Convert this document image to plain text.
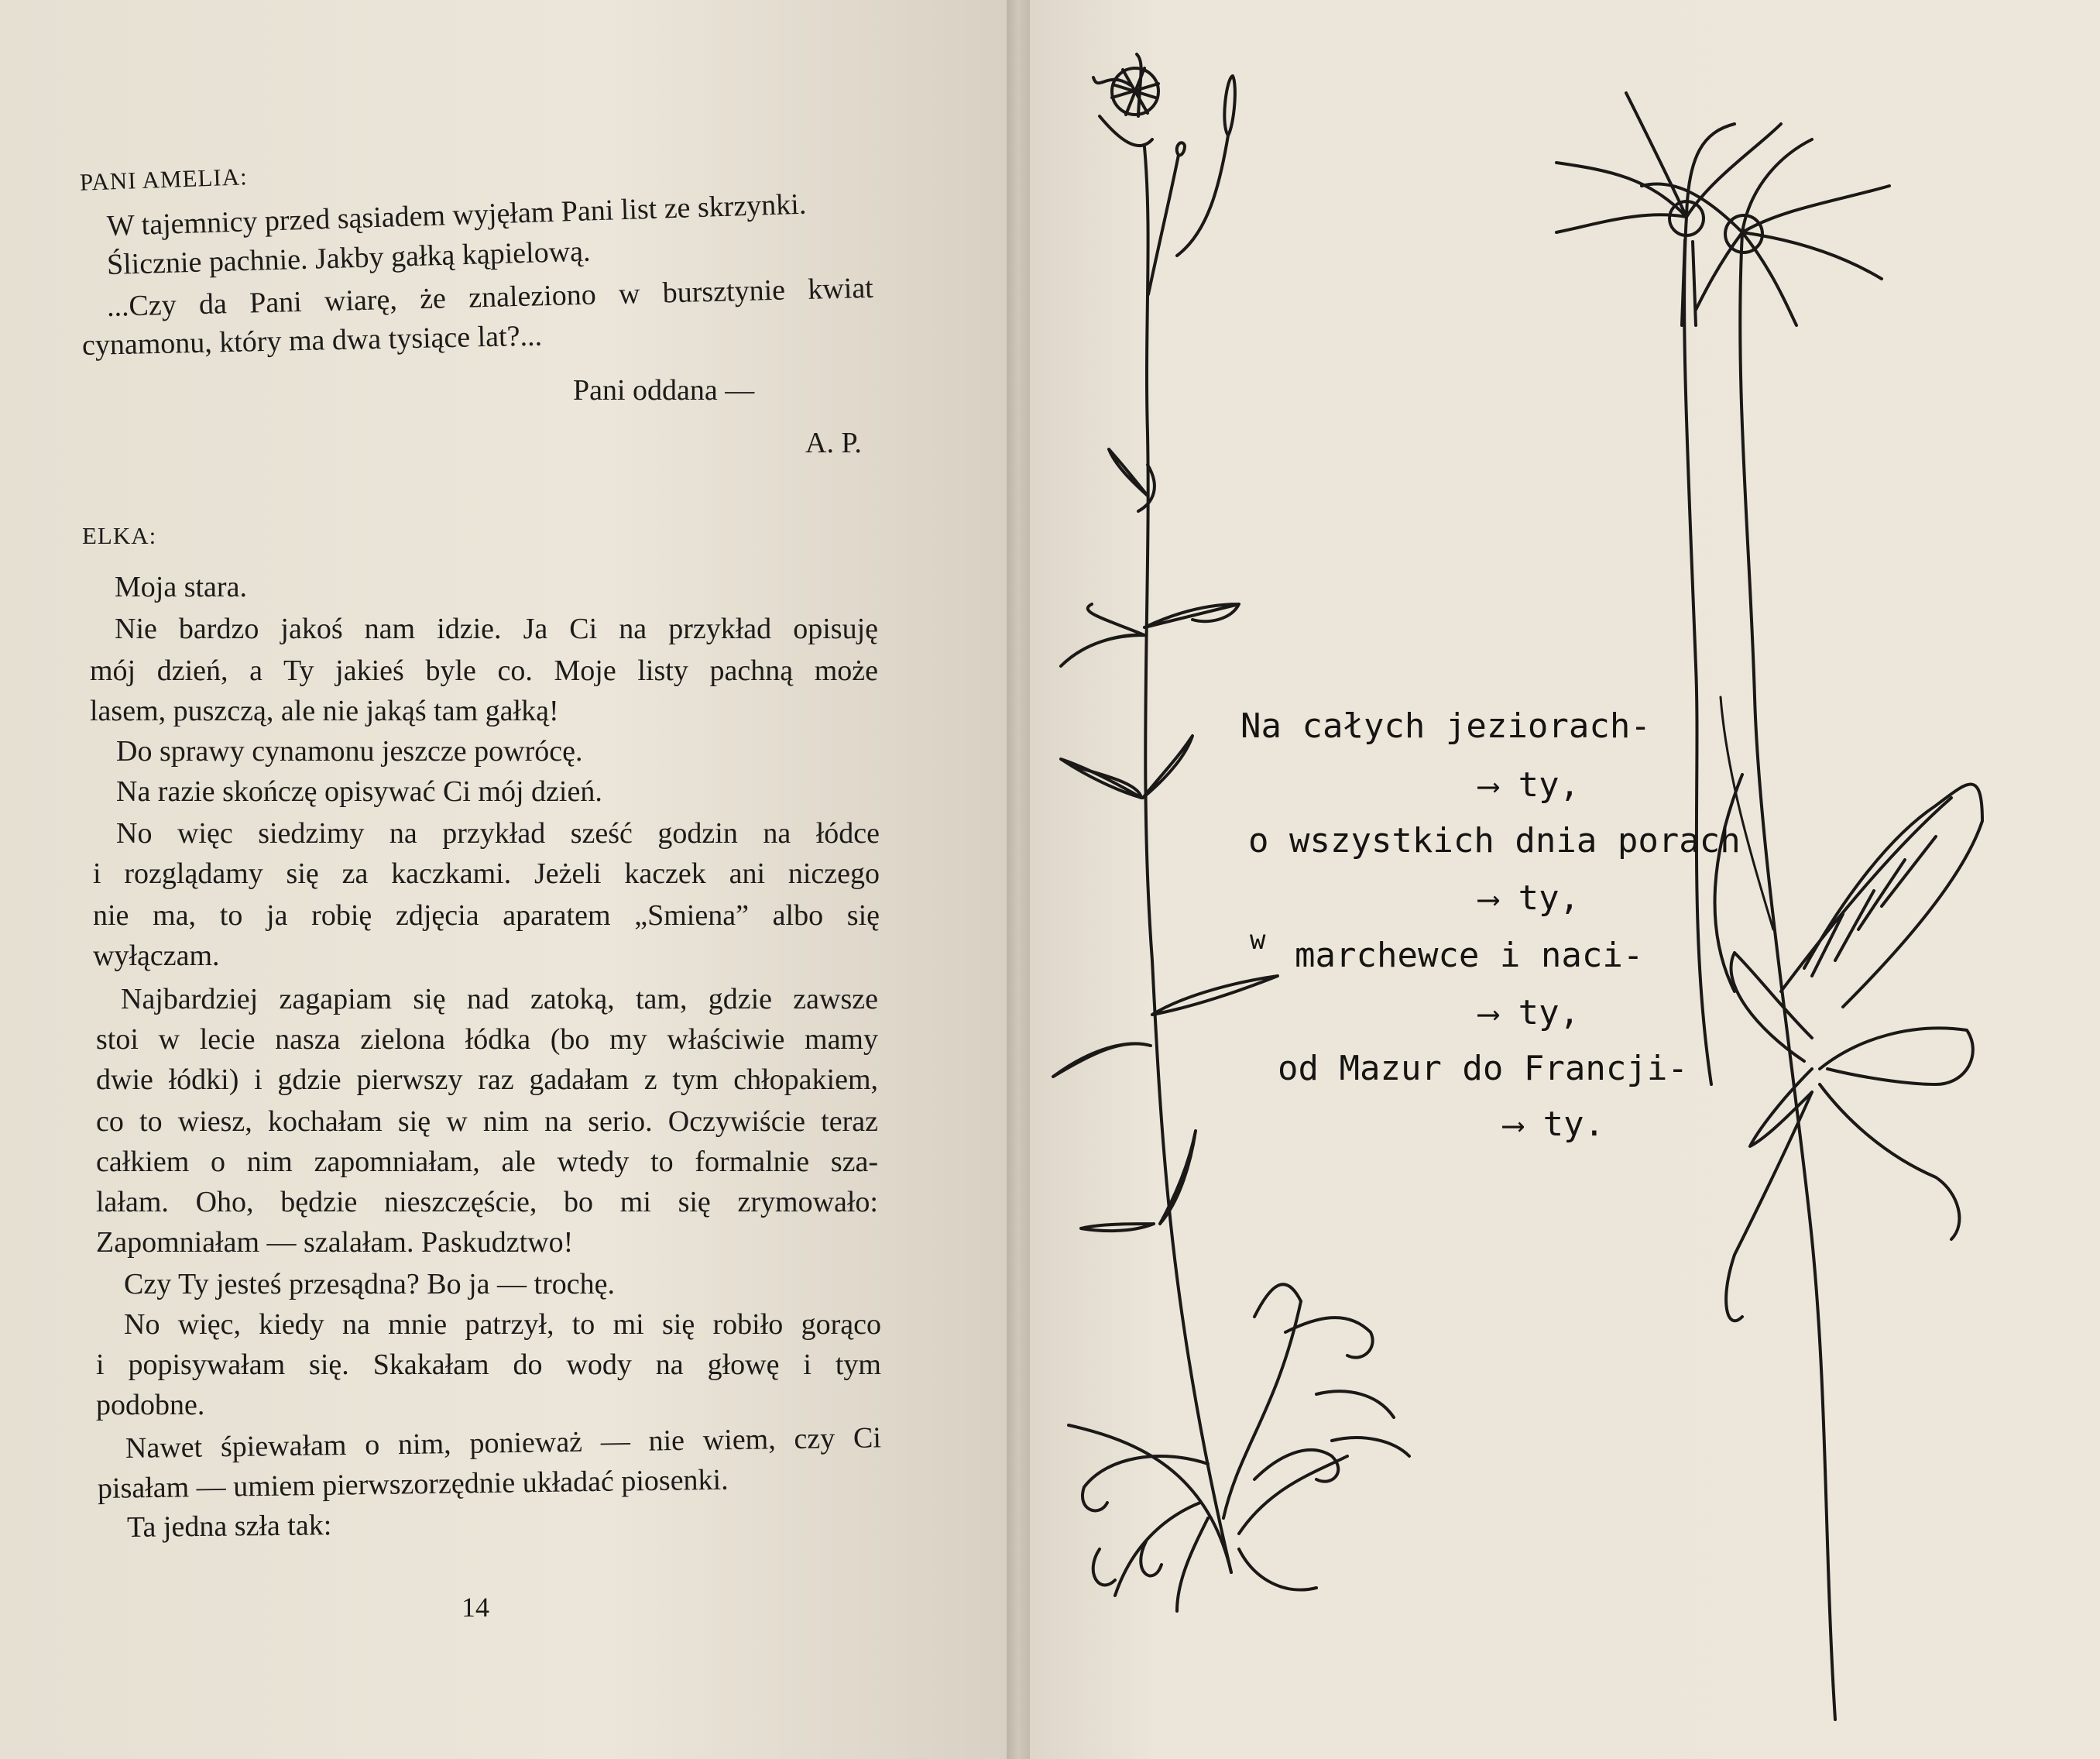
PANI AMELIA:
W tajemnicy przed sąsiadem wyjęłam Pani list ze skrzynki.
Ślicznie pachnie. Jakby gałką kąpielową.
...Czy da Pani wiarę, że znaleziono w bursztynie kwiat
cynamonu, który ma dwa tysiące lat?...
Pani oddana —
A. P.
ELKA:
Moja stara.
Nie bardzo jakoś nam idzie. Ja Ci na przykład opisuję
mój dzień, a Ty jakieś byle co. Moje listy pachną może
lasem, puszczą, ale nie jakąś tam gałką!
Do sprawy cynamonu jeszcze powrócę.
Na razie skończę opisywać Ci mój dzień.
No więc siedzimy na przykład sześć godzin na łódce
i rozglądamy się za kaczkami. Jeżeli kaczek ani niczego
nie ma, to ja robię zdjęcia aparatem „Smiena” albo się
wyłączam.
Najbardziej zagapiam się nad zatoką, tam, gdzie zawsze
stoi w lecie nasza zielona łódka (bo my właściwie mamy
dwie łódki) i gdzie pierwszy raz gadałam z tym chłopakiem,
co to wiesz, kochałam się w nim na serio. Oczywiście teraz
całkiem o nim zapomniałam, ale wtedy to formalnie sza-
lałam. Oho, będzie nieszczęście, bo mi się zrymowało:
Zapomniałam — szalałam. Paskudztwo!
Czy Ty jesteś przesądna? Bo ja — trochę.
No więc, kiedy na mnie patrzył, to mi się robiło gorąco
i popisywałam się. Skakałam do wody na głowę i tym
podobne.
Nawet śpiewałam o nim, ponieważ — nie wiem, czy Ci
pisałam — umiem pierwszorzędnie układać piosenki.
Ta jedna szła tak:
14
Na całych jeziorach-
⟶ ty,
o wszystkich dnia porach
⟶ ty,
w marchewce i naci-
⟶ ty,
od Mazur do Francji-
⟶ ty.
